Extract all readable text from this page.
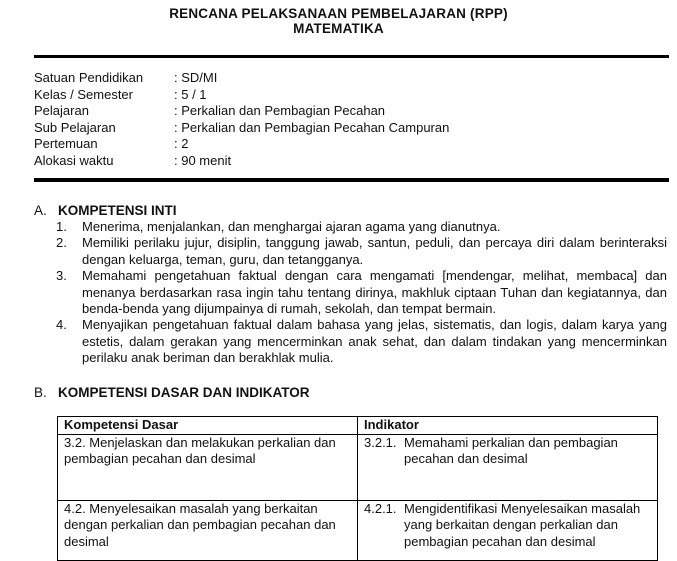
RENCANA PELAKSANAAN PEMBELAJARAN (RPP)
MATEMATIKA
Satuan Pendidikan : SD/MI
Kelas / Semester	: 5 / 1
Pelajaran	: Perkalian dan Pembagian Pecahan
Sub Pelajaran	: Perkalian dan Pembagian Pecahan Campuran
Pertemuan	: 2
Alokasi waktu	: 90 menit
A. KOMPETENSI INTI
1. Menerima, menjalankan, dan menghargai ajaran agama yang dianutnya.
2. Memiliki perilaku jujur, disiplin, tanggung jawab, santun, peduli, dan percaya diri dalam berinteraksi dengan keluarga, teman, guru, dan tetangganya.
3. Memahami pengetahuan faktual dengan cara mengamati [mendengar, melihat, membaca] dan menanya berdasarkan rasa ingin tahu tentang dirinya, makhluk ciptaan Tuhan dan kegiatannya, dan benda-benda yang dijumpainya di rumah, sekolah, dan tempat bermain.
4. Menyajikan pengetahuan faktual dalam bahasa yang jelas, sistematis, dan logis, dalam karya yang estetis, dalam gerakan yang mencerminkan anak sehat, dan dalam tindakan yang mencerminkan perilaku anak beriman dan berakhlak mulia.
B. KOMPETENSI DASAR DAN INDIKATOR
Kompetensi Dasar	Indikator
3.2. Menjelaskan dan melakukan perkalian dan pembagian pecahan dan desimal	3.2.1. Memahami perkalian dan pembagian pecahan dan desimal

4.2. Menyelesaikan masalah yang berkaitan dengan perkalian dan pembagian pecahan dan desimal	4.2.1. Mengidentifikasi Menyelesaikan masalah yang berkaitan dengan perkalian dan pembagian pecahan dan desimal
